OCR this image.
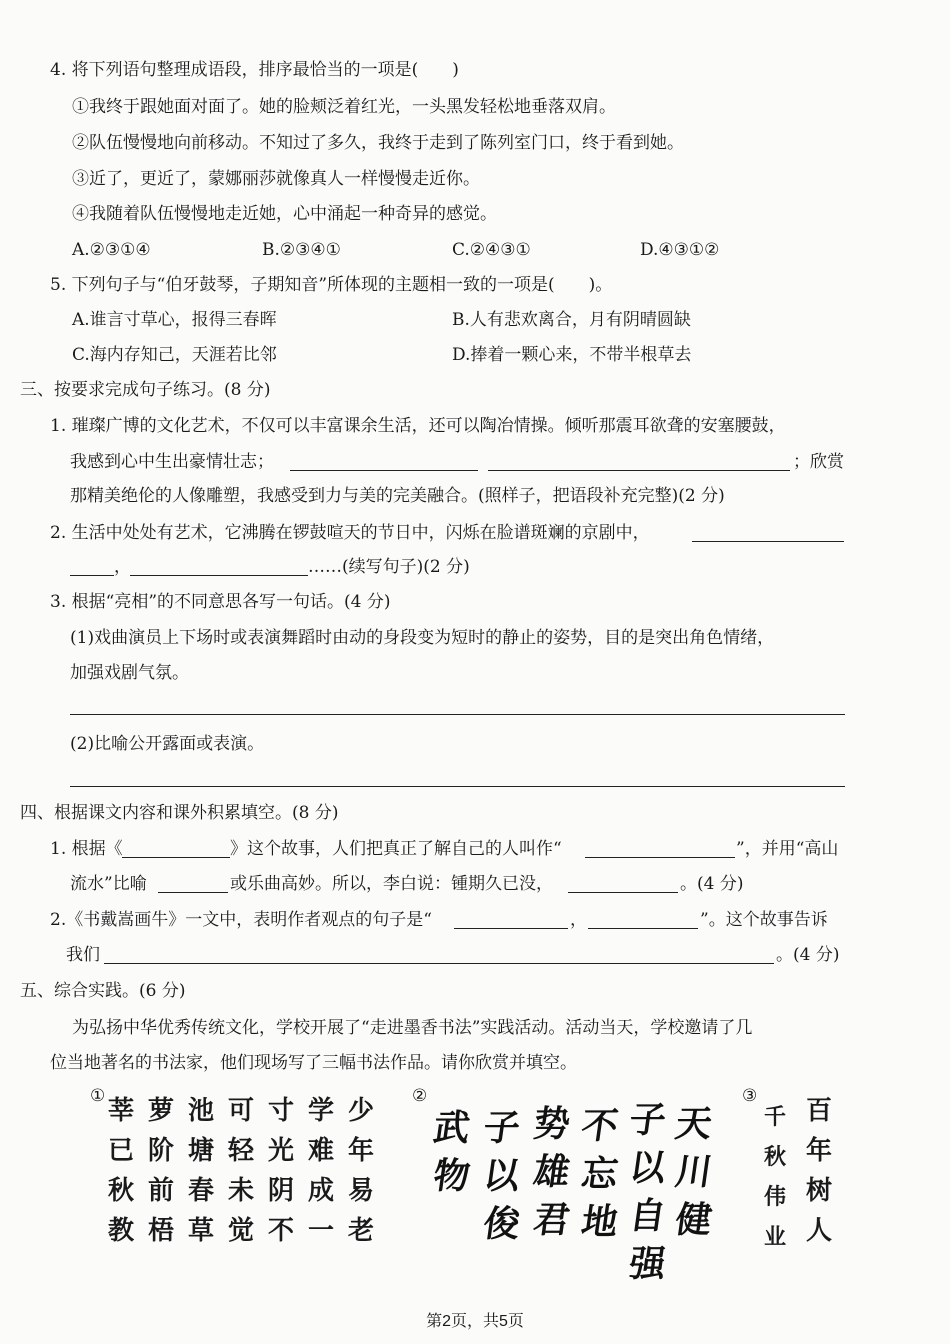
4. 将下列语句整理成语段，排序最恰当的一项是(　　)
①我终于跟她面对面了。她的脸颊泛着红光，一头黑发轻松地垂落双肩。
②队伍慢慢地向前移动。不知过了多久，我终于走到了陈列室门口，终于看到她。
③近了，更近了，蒙娜丽莎就像真人一样慢慢走近你。
④我随着队伍慢慢地走近她，心中涌起一种奇异的感觉。
A.②③①④	B.②③④①	C.②④③①	D.④③①②
5. 下列句子与“伯牙鼓琴，子期知音”所体现的主题相一致的一项是(　　)。
A.谁言寸草心，报得三春晖	B.人有悲欢离合，月有阴晴圆缺
C.海内存知己，天涯若比邻	D.捧着一颗心来，不带半根草去
三、按要求完成句子练习。(8 分)
1. 璀璨广博的文化艺术，不仅可以丰富课余生活，还可以陶冶情操。倾听那震耳欲聋的安塞腰鼓，
我感到心中生出豪情壮志；	；欣赏
那精美绝伦的人像雕塑，我感受到力与美的完美融合。(照样子，把语段补充完整)(2 分)
2. 生活中处处有艺术，它沸腾在锣鼓喧天的节日中，闪烁在脸谱斑斓的京剧中，
，	……(续写句子)(2 分)
3. 根据“亮相”的不同意思各写一句话。(4 分)
(1)戏曲演员上下场时或表演舞蹈时由动的身段变为短时的静止的姿势，目的是突出角色情绪，
加强戏剧气氛。
(2)比喻公开露面或表演。
四、根据课文内容和课外积累填空。(8 分)
1. 根据《	》这个故事，人们把真正了解自己的人叫作“	”，并用“高山
流水”比喻	或乐曲高妙。所以，李白说：锺期久已没，	。(4 分)
2.《书戴嵩画牛》一文中，表明作者观点的句子是“	，	”。这个故事告诉
我们	。(4 分)
五、综合实践。(6 分)
为弘扬中华优秀传统文化，学校开展了“走进墨香书法”实践活动。活动当天，学校邀请了几
位当地著名的书法家，他们现场写了三幅书法作品。请你欣赏并填空。
① 莘 萝 池 可 寸 学 少
已 阶 塘 轻 光 难 年
秋 前 春 未 阴 成 易
教 梧 草 觉 不 一 老
②
武
物
子
以
俊
势
雄
君
不
忘
地
子
以
自
强
天
川
健
③
千
秋
伟
业
百
年
树
人
第2页，共5页
